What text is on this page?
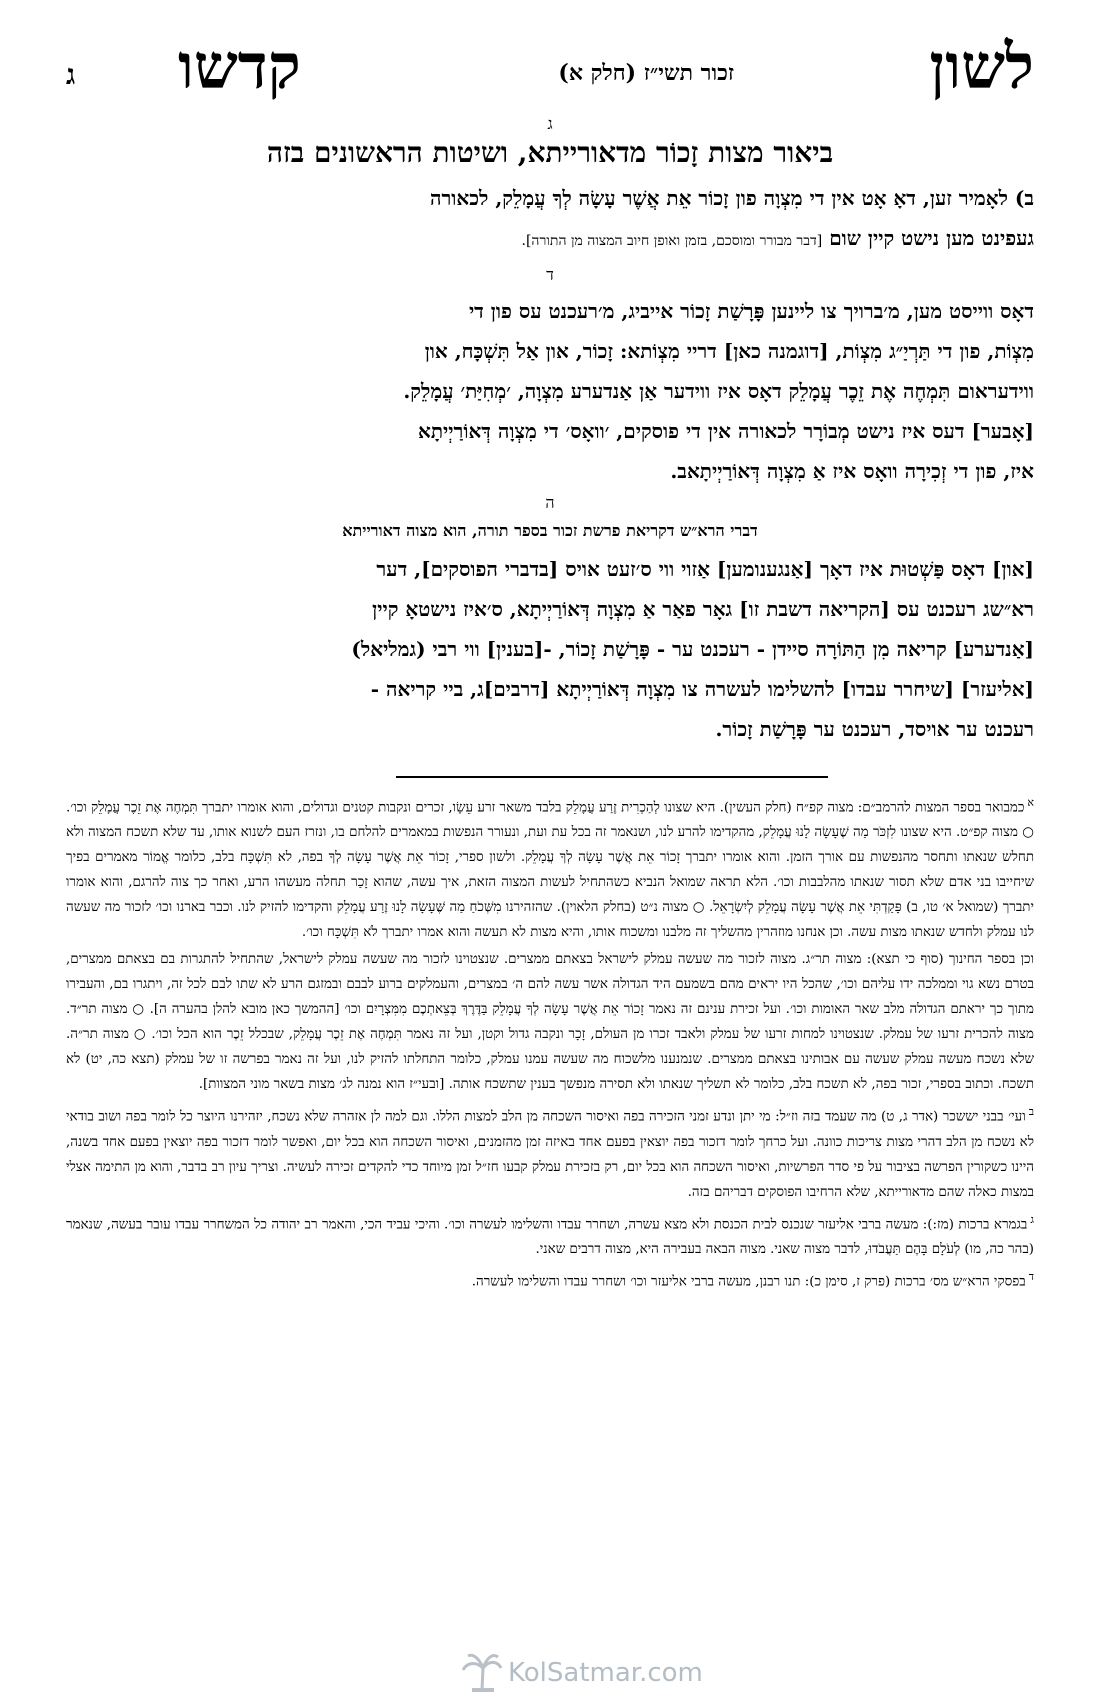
לשון
זכור תשי״ז (חלק א)
קדשו
ג

ג

ביאור מצות זָכוֹר מדאורייתא, ושיטות הראשונים בזה

ב) לאָמיר זען, דאָ אָט אין די מִצְוָה פון זָכוֹר אֵת אֲשֶׁר עָשָׂה לְךָ עֲמָלֵק, לכאורה
געפינט מען נישט קיין שום [דבר מבורר ומוסכם, בזמן ואופן חיוב המצוה מן התורה].

ד

דאָס ווייסט מען, מ׳ברויך צו ליינען פָּרָשַׁת זָכוֹר אייביג, מ׳רעכנט עס פון די
מִצְוֹת, פון די תַּרְיַ״ג מִצְוֹת, [דוגמנה כאן] דריי מִצְוֹתא: זָכוֹר, און אַל תִּשְׁכָּח, און
ווידעראום תִּמְחֶה אֶת זֵכֶר עֲמָלֵק דאָס איז ווידער אַן אַנדערע מִצְוָה, ׳מְחִיַּת׳ עֲמָלֵק.

[אָבער] דעס איז נישט מְבוֹרָר לכאורה אין די פוסקים, ׳וואָס׳ די מִצְוָה דְּאוֹרַיְיתָא
איז, פון די זְכִירָה וואָס איז אַ מִצְוָה דְּאוֹרַיְיתָאב.

ה

דברי הרא״ש דקריאת פרשת זכור בספר תורה, הוא מצוה דאורייתא

[און] דאָס פַּשְׁטוּת איז דאָך [אַנגענומען] אַזוי ווי ס׳זעט אויס [בדברי הפוסקים], דער
רא״שג רעכנט עס [הקריאה דשבת זו] גאָר פאַר אַ מִצְוָה דְּאוֹרַיְיתָא, ס׳איז נישטאָ קיין
[אַנדערע] קריאה מִן הַתּוֹרָה סיידן - רעכנט ער - פָּרָשַׁת זָכוֹר, -[בענין] ווי רבי (גמליאל)
[אליעזר] [שיחרר עבדו] להשלימו לעשרה צו מִצְוָה דְּאוֹרַיְיתָא [דרבים]ג, ביי קריאה -
רעכנט ער אויסד, רעכנט ער פָּרָשַׁת זָכוֹר.

$^א$כמבואר בספר המצות להרמב״ם: מצוה קפ״ח (חלק העשין). היא שצונו לְהַכְרִית זֶרַע עֲמָלֵק בלבד משאר זרע עֵשָׂו, זכרים ונקבות קטנים וגדולים, והוא אומרו יתברך תִּמְחֶה אֶת זֵכֶר עֲמָלֵק וכו׳. ○ מצוה קפ״ט. היא שצונו לִזְכֹּר מַה שֶׁעָשָׂה לָנוּ עֲמָלֵק, מהקדימו להרע לנו, ושנאמר זה בכל עת ועת, ונעורר הנפשות במאמרים להלחם בו, ונזרז העם לשנוא אותו, עד שלא תשכח המצוה ולא תחלש שנאתו ותחסר מהנפשות עם אורך הזמן. והוא אומרו יתברך זָכוֹר אֵת אֲשֶׁר עָשָׂה לְךָ עֲמָלֵק. ולשון ספרי, זָכוֹר אֵת אֲשֶׁר עָשָׂה לְךָ בפה, לא תִּשְׁכָּח בלב, כלומר אֱמוֹר מאמרים בפיך שיחייבו בני אדם שלא תסור שנאתו מהלבבות וכו׳. הלא תראה שמואל הנביא כשהתחיל לעשות המצוה הזאת, איך עשה, שהוא זָכַר תחלה מעשהו הרע, ואחר כך צוה להרגם, והוא אומרו יתברך (שמואל א׳ טו, ב) פָּקַדְתִּי אֵת אֲשֶׁר עָשָׂה עֲמָלֵק לְיִשְׂרָאֵל. ○ מצוה נ״ט (בחלק הלאוין). שהזהירנו מִשְּׁכֹחַ מַה שֶּׁעָשָׂה לָנוּ זֶרַע עֲמָלֵק והקדימו להזיק לנו. וכבר בארנו וכו׳ לזכור מה שעשה לנו עמלק ולחדש שנאתו מצות עשה. וכן אנחנו מוזהרין מהשליך זה מלבנו ומשכוח אותו, והיא מצות לא תעשה והוא אמרו יתברך לֹא תִּשְׁכָּח וכו׳.

וכן בספר החינוך (סוף כי תצא): מצוה תר״ג. מצוה לזכור מה שעשה עמלק לישראל בצאתם ממצרים. שנצטוינו לזכור מה שעשה עמלק לישראל, שהתחיל להתגרות בם בצאתם ממצרים, בטרם נשא גוי וממלכה ידו עליהם וכו׳, שהכל היו יראים מהם בשמעם היד הגדולה אשר עשה להם ה׳ במצרים, והעמלקים ברוע לבבם ובמזגם הרע לא שתו לבם לכל זה, ויתגרו בם, והעבירו מתוך כך יראתם הגדולה מלב שאר האומות וכו׳. ועל זכירת ענינם זה נאמר זָכוֹר אֵת אֲשֶׁר עָשָׂה לְךָ עֲמָלֵק בַּדֶּרֶךְ בְּצֵאתְכֶם מִמִּצְרָיִם וכו׳ [ההמשך כאן מובא להלן בהערה ה]. ○ מצוה תר״ד. מצוה להכרית זרעו של עמלק. שנצטוינו למחות זרעו של עמלק ולאבד זכרו מן העולם, זָכָר ונקבה גדול וקטן, ועל זה נאמר תִּמְחֶה אֶת זֵכֶר עֲמָלֵק, שבכלל זֵכֶר הוא הכל וכו׳. ○ מצוה תר״ה. שלא נשכח מעשה עמלק שעשה עם אבותינו בצאתם ממצרים. שנמנענו מלשכוח מה שעשה עמנו עמלק, כלומר התחלתו להזיק לנו, ועל זה נאמר בפרשה זו של עמלק (תצא כה, יט) לא תשכח. וכתוב בספרי, זכור בפה, לא תשכח בלב, כלומר לא תשליך שנאתו ולא תסירה מנפשך בענין שתשכח אותה. [ובעי״ז הוא נמנה לג׳ מצות בשאר מוני המצוות].

$^ב$ועי׳ בבני יששכר (אדר ג, ט) מה שעמד בזה וז״ל: מי יתן ונדע זמני הזכירה בפה ואיסור השכחה מן הלב למצות הללו. וגם למה לן אזהרה שלא נשכח, יזהירנו היוצר כל לומר בפה ושוב בודאי לא נשכח מן הלב דהרי מצות צריכות כוונה. ועל כרחך לומר דזכור בפה יוצאין בפעם אחד באיזה זמן מהזמנים, ואיסור השכחה הוא בכל יום, ואפשר לומר דזכור בפה יוצאין בפעם אחד בשנה, היינו כשקורין הפרשה בציבור על פי סדר הפרשיות, ואיסור השכחה הוא בכל יום, רק בזכירת עמלק קבעו חז״ל זמן מיוחד כדי להקדים זכירה לעשיה. וצריך עיון רב בדבר, והוא מן התימה אצלי במצות כאלה שהם מדאורייתא, שלא הרחיבו הפוסקים דבריהם בזה.

$^ג$בגמרא ברכות (מז:): מעשה ברבי אליעזר שנכנס לבית הכנסת ולא מצא עשרה, ושחרר עבדו והשלימו לעשרה וכו׳. והיכי עביד הכי, והאמר רב יהודה כל המשחרר עבדו עובר בעשה, שנאמר (בהר כה, מו) לְעֹלָם בָּהֶם תַּעֲבֹדוּ, לדבר מצוה שאני. מצוה הבאה בעבירה היא, מצוה דרבים שאני.

$^ד$בפסקי הרא״ש מס׳ ברכות (פרק ז, סימן כ): תנו רבנן, מעשה ברבי אליעזר וכו׳ ושחרר עבדו והשלימו לעשרה.

KolSatmar.com
